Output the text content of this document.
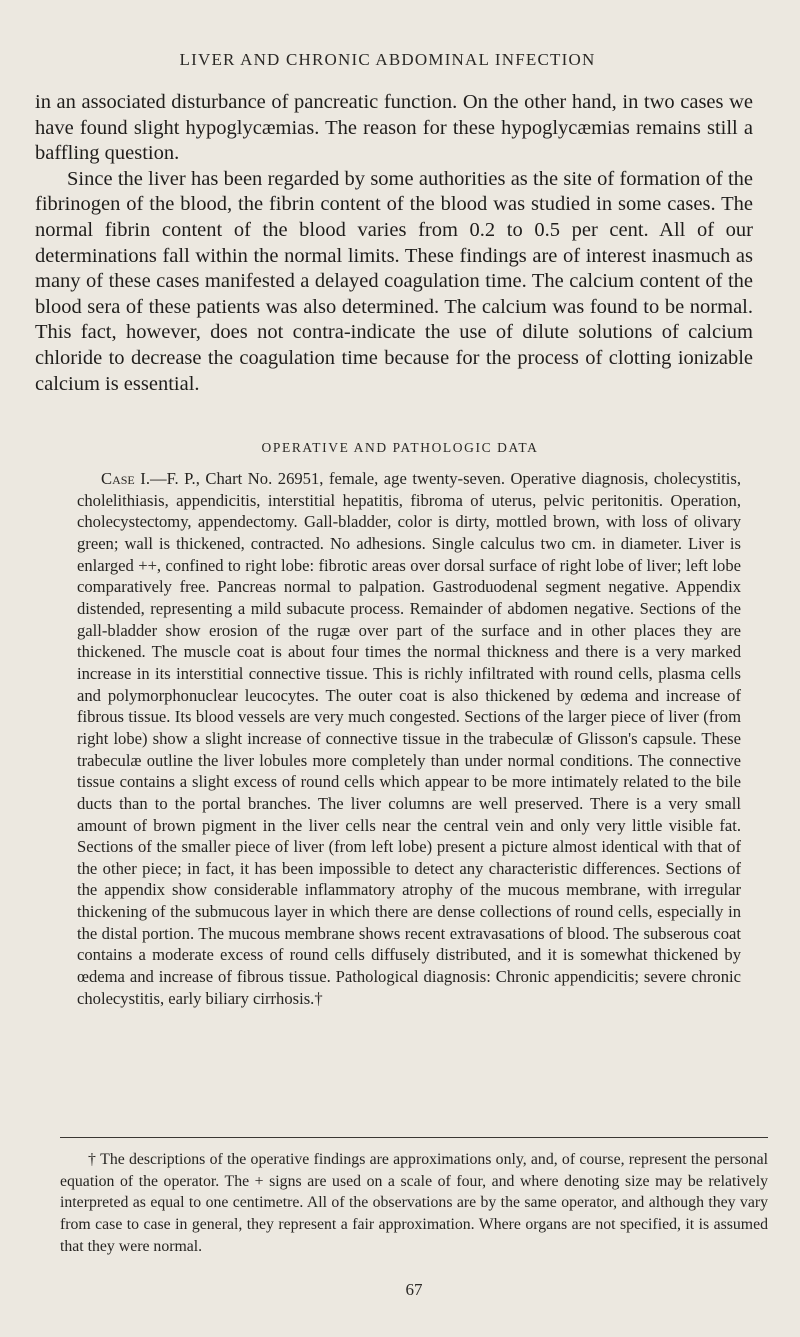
LIVER AND CHRONIC ABDOMINAL INFECTION

in an associated disturbance of pancreatic function. On the other hand, in two cases we have found slight hypoglycæmias. The reason for these hypoglycæmias remains still a baffling question.

Since the liver has been regarded by some authorities as the site of formation of the fibrinogen of the blood, the fibrin content of the blood was studied in some cases. The normal fibrin content of the blood varies from 0.2 to 0.5 per cent. All of our determinations fall within the normal limits. These findings are of interest inasmuch as many of these cases manifested a delayed coagulation time. The calcium content of the blood sera of these patients was also determined. The calcium was found to be normal. This fact, however, does not contra-indicate the use of dilute solutions of calcium chloride to decrease the coagulation time because for the process of clotting ionizable calcium is essential.

OPERATIVE AND PATHOLOGIC DATA

Case I.—F. P., Chart No. 26951, female, age twenty-seven. Operative diagnosis, cholecystitis, cholelithiasis, appendicitis, interstitial hepatitis, fibroma of uterus, pelvic peritonitis. Operation, cholecystectomy, appendectomy. Gall-bladder, color is dirty, mottled brown, with loss of olivary green; wall is thickened, contracted. No adhesions. Single calculus two cm. in diameter. Liver is enlarged ++, confined to right lobe: fibrotic areas over dorsal surface of right lobe of liver; left lobe comparatively free. Pancreas normal to palpation. Gastroduodenal segment negative. Appendix distended, representing a mild subacute process. Remainder of abdomen negative. Sections of the gall-bladder show erosion of the rugæ over part of the surface and in other places they are thickened. The muscle coat is about four times the normal thickness and there is a very marked increase in its interstitial connective tissue. This is richly infiltrated with round cells, plasma cells and polymorphonuclear leucocytes. The outer coat is also thickened by œdema and increase of fibrous tissue. Its blood vessels are very much congested. Sections of the larger piece of liver (from right lobe) show a slight increase of connective tissue in the trabeculæ of Glisson's capsule. These trabeculæ outline the liver lobules more completely than under normal conditions. The connective tissue contains a slight excess of round cells which appear to be more intimately related to the bile ducts than to the portal branches. The liver columns are well preserved. There is a very small amount of brown pigment in the liver cells near the central vein and only very little visible fat. Sections of the smaller piece of liver (from left lobe) present a picture almost identical with that of the other piece; in fact, it has been impossible to detect any characteristic differences. Sections of the appendix show considerable inflammatory atrophy of the mucous membrane, with irregular thickening of the submucous layer in which there are dense collections of round cells, especially in the distal portion. The mucous membrane shows recent extravasations of blood. The subserous coat contains a moderate excess of round cells diffusely distributed, and it is somewhat thickened by œdema and increase of fibrous tissue. Pathological diagnosis: Chronic appendicitis; severe chronic cholecystitis, early biliary cirrhosis.†

† The descriptions of the operative findings are approximations only, and, of course, represent the personal equation of the operator. The + signs are used on a scale of four, and where denoting size may be relatively interpreted as equal to one centimetre. All of the observations are by the same operator, and although they vary from case to case in general, they represent a fair approximation. Where organs are not specified, it is assumed that they were normal.

67
